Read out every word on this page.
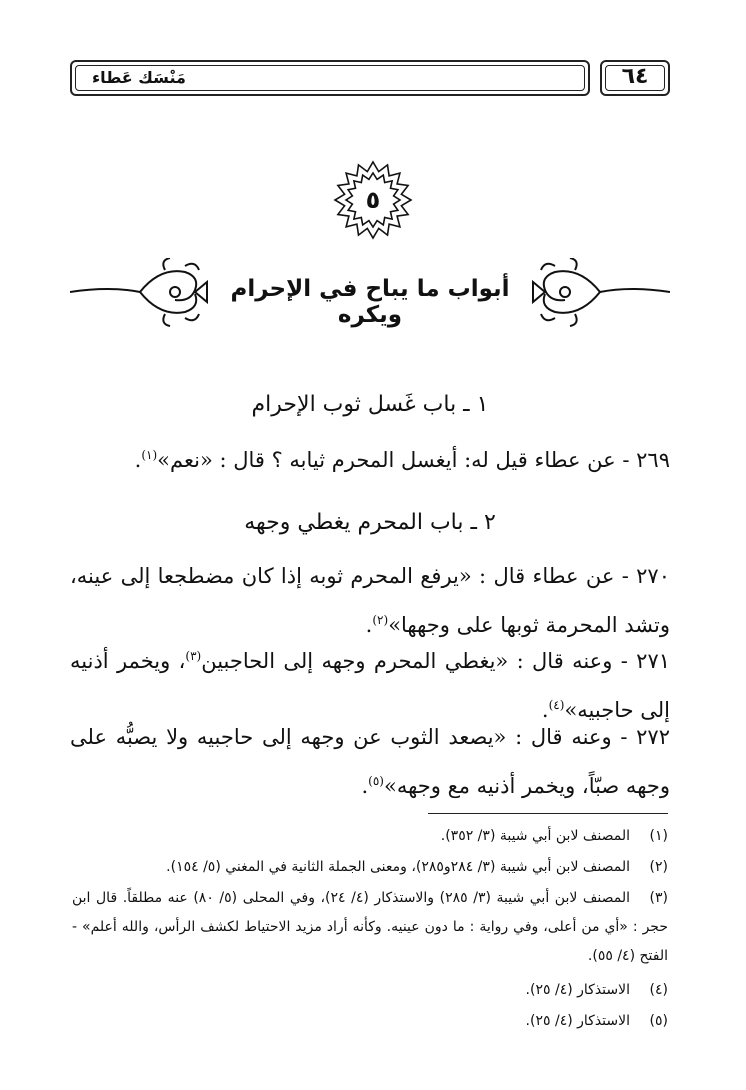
مَنْسَك عَطاء	٦٤
٥
أبواب ما يباح في الإحرام ويكره
١ ـ باب غَسل ثوب الإحرام
٢٦٩ - عن عطاء قيل له: أيغسل المحرم ثيابه ؟ قال : «نعم»$^{(١)}$.
٢ ـ باب المحرم يغطي وجهه
٢٧٠ - عن عطاء قال : «يرفع المحرم ثوبه إذا كان مضطجعا إلى عينه، وتشد المحرمة ثوبها على وجهها»$^{(٢)}$.
٢٧١ - وعنه قال : «يغطي المحرم وجهه إلى الحاجبين$^{(٣)}$، ويخمر أذنيه إلى حاجبيه»$^{(٤)}$.
٢٧٢ - وعنه قال : «يصعد الثوب عن وجهه إلى حاجبيه ولا يصبُّه على وجهه صبّاً، ويخمر أذنيه مع وجهه»$^{(٥)}$.
(١)المصنف لابن أبي شيبة (٣/ ٣٥٢).
(٢)المصنف لابن أبي شيبة (٣/ ٢٨٤و٢٨٥)، ومعنى الجملة الثانية في المغني (٥/ ١٥٤).
(٣)المصنف لابن أبي شيبة (٣/ ٢٨٥) والاستذكار (٤/ ٢٤)، وفي المحلى (٥/ ٨٠) عنه مطلقاً. قال ابن حجر : «أي من أعلى، وفي رواية : ما دون عينيه. وكأنه أراد مزيد الاحتياط لكشف الرأس، والله أعلم» - الفتح (٤/ ٥٥).
(٤)الاستذكار (٤/ ٢٥).
(٥)الاستذكار (٤/ ٢٥).
